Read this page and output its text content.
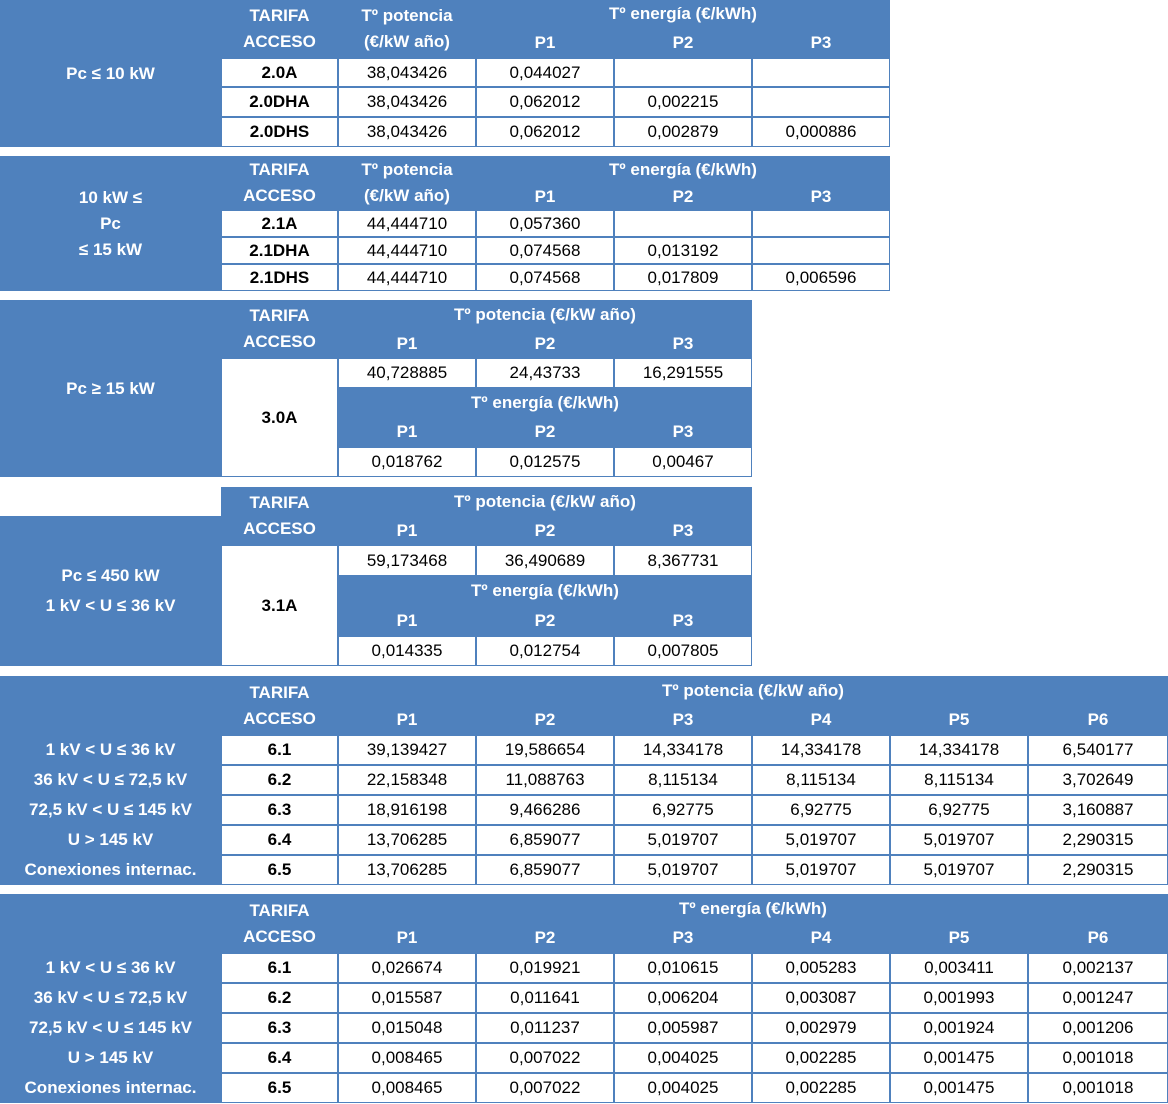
Pc ≤ 10 kW
TARIFA
ACCESO
Tº potencia
(€/kW año)
Tº energía (€/kWh)
P1	P2	P3
2.0A	38,043426	0,044027
2.0DHA	38,043426	0,062012	0,002215
2.0DHS	38,043426	0,062012	0,002879	0,000886
10 kW ≤
Pc
≤ 15 kW
TARIFA
ACCESO
Tº potencia
(€/kW año)
Tº energía (€/kWh)
P1	P2	P3
2.1A	44,444710	0,057360
2.1DHA	44,444710	0,074568	0,013192
2.1DHS	44,444710	0,074568	0,017809	0,006596
Pc ≥ 15 kW
TARIFA
ACCESO
3.0A
Tº potencia (€/kW año)
P1	P2	P3
40,728885	24,43733	16,291555
Tº energía (€/kWh)
P1	P2	P3
0,018762	0,012575	0,00467
Pc ≤ 450 kW
1 kV < U ≤ 36 kV
TARIFA
ACCESO
3.1A
Tº potencia (€/kW año)
P1	P2	P3
59,173468	36,490689	8,367731
Tº energía (€/kWh)
P1	P2	P3
0,014335	0,012754	0,007805
TARIFA
ACCESO
Tº potencia (€/kW año)
P1	P2	P3	P4	P5	P6
1 kV < U ≤ 36 kV	6.1	39,139427	19,586654	14,334178	14,334178	14,334178	6,540177
36 kV < U ≤ 72,5 kV	6.2	22,158348	11,088763	8,115134	8,115134	8,115134	3,702649
72,5 kV < U ≤ 145 kV	6.3	18,916198	9,466286	6,92775	6,92775	6,92775	3,160887
U > 145 kV	6.4	13,706285	6,859077	5,019707	5,019707	5,019707	2,290315
Conexiones internac.	6.5	13,706285	6,859077	5,019707	5,019707	5,019707	2,290315
TARIFA
ACCESO
Tº energía (€/kWh)
P1	P2	P3	P4	P5	P6
1 kV < U ≤ 36 kV	6.1	0,026674	0,019921	0,010615	0,005283	0,003411	0,002137
36 kV < U ≤ 72,5 kV	6.2	0,015587	0,011641	0,006204	0,003087	0,001993	0,001247
72,5 kV < U ≤ 145 kV	6.3	0,015048	0,011237	0,005987	0,002979	0,001924	0,001206
U > 145 kV	6.4	0,008465	0,007022	0,004025	0,002285	0,001475	0,001018
Conexiones internac.	6.5	0,008465	0,007022	0,004025	0,002285	0,001475	0,001018
